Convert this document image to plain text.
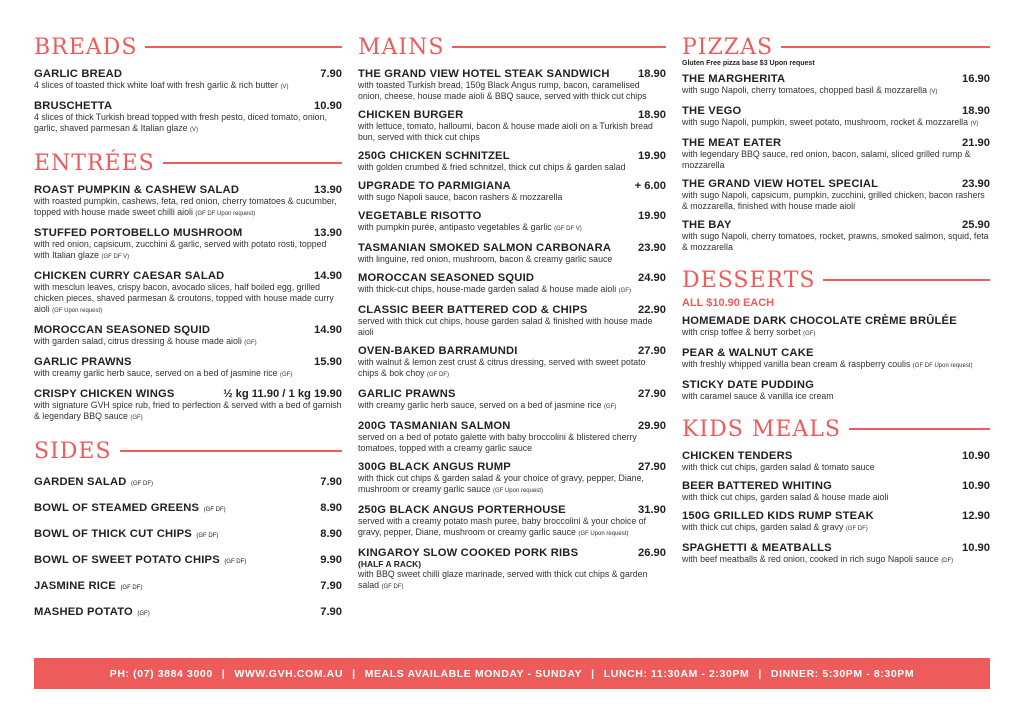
BREADS
GARLIC BREAD	7.90
4 slices of toasted thick white loaf with fresh garlic & rich butter (V)
BRUSCHETTA	10.90
4 slices of thick Turkish bread topped with fresh pesto, diced tomato, onion, garlic, shaved parmesan & Italian glaze (V)
ENTRÉES
ROAST PUMPKIN & CASHEW SALAD	13.90
with roasted pumpkin, cashews, feta, red onion, cherry tomatoes & cucumber, topped with house made sweet chilli aioli (GF DF Upon request)
STUFFED PORTOBELLO MUSHROOM	13.90
with red onion, capsicum, zucchini & garlic, served with potato rosti, topped with Italian glaze (GF DF V)
CHICKEN CURRY CAESAR SALAD	14.90
with mesclun leaves, crispy bacon, avocado slices, half boiled egg, grilled chicken pieces, shaved parmesan & croutons, topped with house made curry aioli (GF Upon request)
MOROCCAN SEASONED SQUID	14.90
with garden salad, citrus dressing & house made aioli (GF)
GARLIC PRAWNS	15.90
with creamy garlic herb sauce, served on a bed of jasmine rice (GF)
CRISPY CHICKEN WINGS	½ kg 11.90 / 1 kg 19.90
with signature GVH spice rub, fried to perfection & served with a bed of garnish & legendary BBQ sauce (GF)
SIDES
GARDEN SALAD (GF DF)	7.90
BOWL OF STEAMED GREENS (GF DF)	8.90
BOWL OF THICK CUT CHIPS (GF DF)	8.90
BOWL OF SWEET POTATO CHIPS (GF DF)	9.90
JASMINE RICE (GF DF)	7.90
MASHED POTATO (GF)	7.90
MAINS
THE GRAND VIEW HOTEL STEAK SANDWICH	18.90
with toasted Turkish bread, 150g Black Angus rump, bacon, caramelised onion, cheese, house made aioli & BBQ sauce, served with thick cut chips
CHICKEN BURGER	18.90
with lettuce, tomato, halloumi, bacon & house made aioli on a Turkish bread bun, served with thick cut chips
250G CHICKEN SCHNITZEL	19.90
with golden crumbed & fried schnitzel, thick cut chips & garden salad
UPGRADE TO PARMIGIANA	+ 6.00
with sugo Napoli sauce, bacon rashers & mozzarella
VEGETABLE RISOTTO	19.90
with pumpkin purée, antipasto vegetables & garlic (GF DF V)
TASMANIAN SMOKED SALMON CARBONARA 23.90
with linguine, red onion, mushroom, bacon & creamy garlic sauce
MOROCCAN SEASONED SQUID	24.90
with thick-cut chips, house-made garden salad & house made aioli (GF)
CLASSIC BEER BATTERED COD & CHIPS	22.90
served with thick cut chips, house garden salad & finished with house made aioli
OVEN-BAKED BARRAMUNDI	27.90
with walnut & lemon zest crust & citrus dressing, served with sweet potato chips & bok choy (GF DF)
GARLIC PRAWNS	27.90
with creamy garlic herb sauce, served on a bed of jasmine rice (GF)
200G TASMANIAN SALMON	29.90
served on a bed of potato galette with baby broccolini & blistered cherry tomatoes, topped with a creamy garlic sauce
300G BLACK ANGUS RUMP	27.90
with thick cut chips & garden salad & your choice of gravy, pepper, Diane, mushroom or creamy garlic sauce (GF Upon request)
250G BLACK ANGUS PORTERHOUSE	31.90
served with a creamy potato mash puree, baby broccolini & your choice of gravy, pepper, Diane, mushroom or creamy garlic sauce (GF Upon request)
KINGAROY SLOW COOKED PORK RIBS	26.90
(HALF A RACK)
with BBQ sweet chilli glaze marinade, served with thick cut chips & garden salad (GF DF)
PIZZAS
Gluten Free pizza base $3 Upon request
THE MARGHERITA	16.90
with sugo Napoli, cherry tomatoes, chopped basil & mozzarella (V)
THE VEGO	18.90
with sugo Napoli, pumpkin, sweet potato, mushroom, rocket & mozzarella (V)
THE MEAT EATER	21.90
with legendary BBQ sauce, red onion, bacon, salami, sliced grilled rump & mozzarella
THE GRAND VIEW HOTEL SPECIAL	23.90
with sugo Napoli, capsicum, pumpkin, zucchini, grilled chicken, bacon rashers & mozzarella, finished with house made aioli
THE BAY	25.90
with sugo Napoli, cherry tomatoes, rocket, prawns, smoked salmon, squid, feta & mozzarella
DESSERTS
ALL $10.90 EACH
HOMEMADE DARK CHOCOLATE CRÈME BRÛLÉE
with crisp toffee & berry sorbet (GF)
PEAR & WALNUT CAKE
with freshly whipped vanilla bean cream & raspberry coulis (GF DF Upon request)
STICKY DATE PUDDING
with caramel sauce & vanilla ice cream
KIDS MEALS
CHICKEN TENDERS	10.90
with thick cut chips, garden salad & tomato sauce
BEER BATTERED WHITING	10.90
with thick cut chips, garden salad & house made aioli
150G GRILLED KIDS RUMP STEAK	12.90
with thick cut chips, garden salad & gravy (GF DF)
SPAGHETTI & MEATBALLS	10.90
with beef meatballs & red onion, cooked in rich sugo Napoli sauce (DF)
PH: (07) 3884 3000 | WWW.GVH.COM.AU | MEALS AVAILABLE MONDAY - SUNDAY | LUNCH: 11:30AM - 2:30PM | DINNER: 5:30PM - 8:30PM
